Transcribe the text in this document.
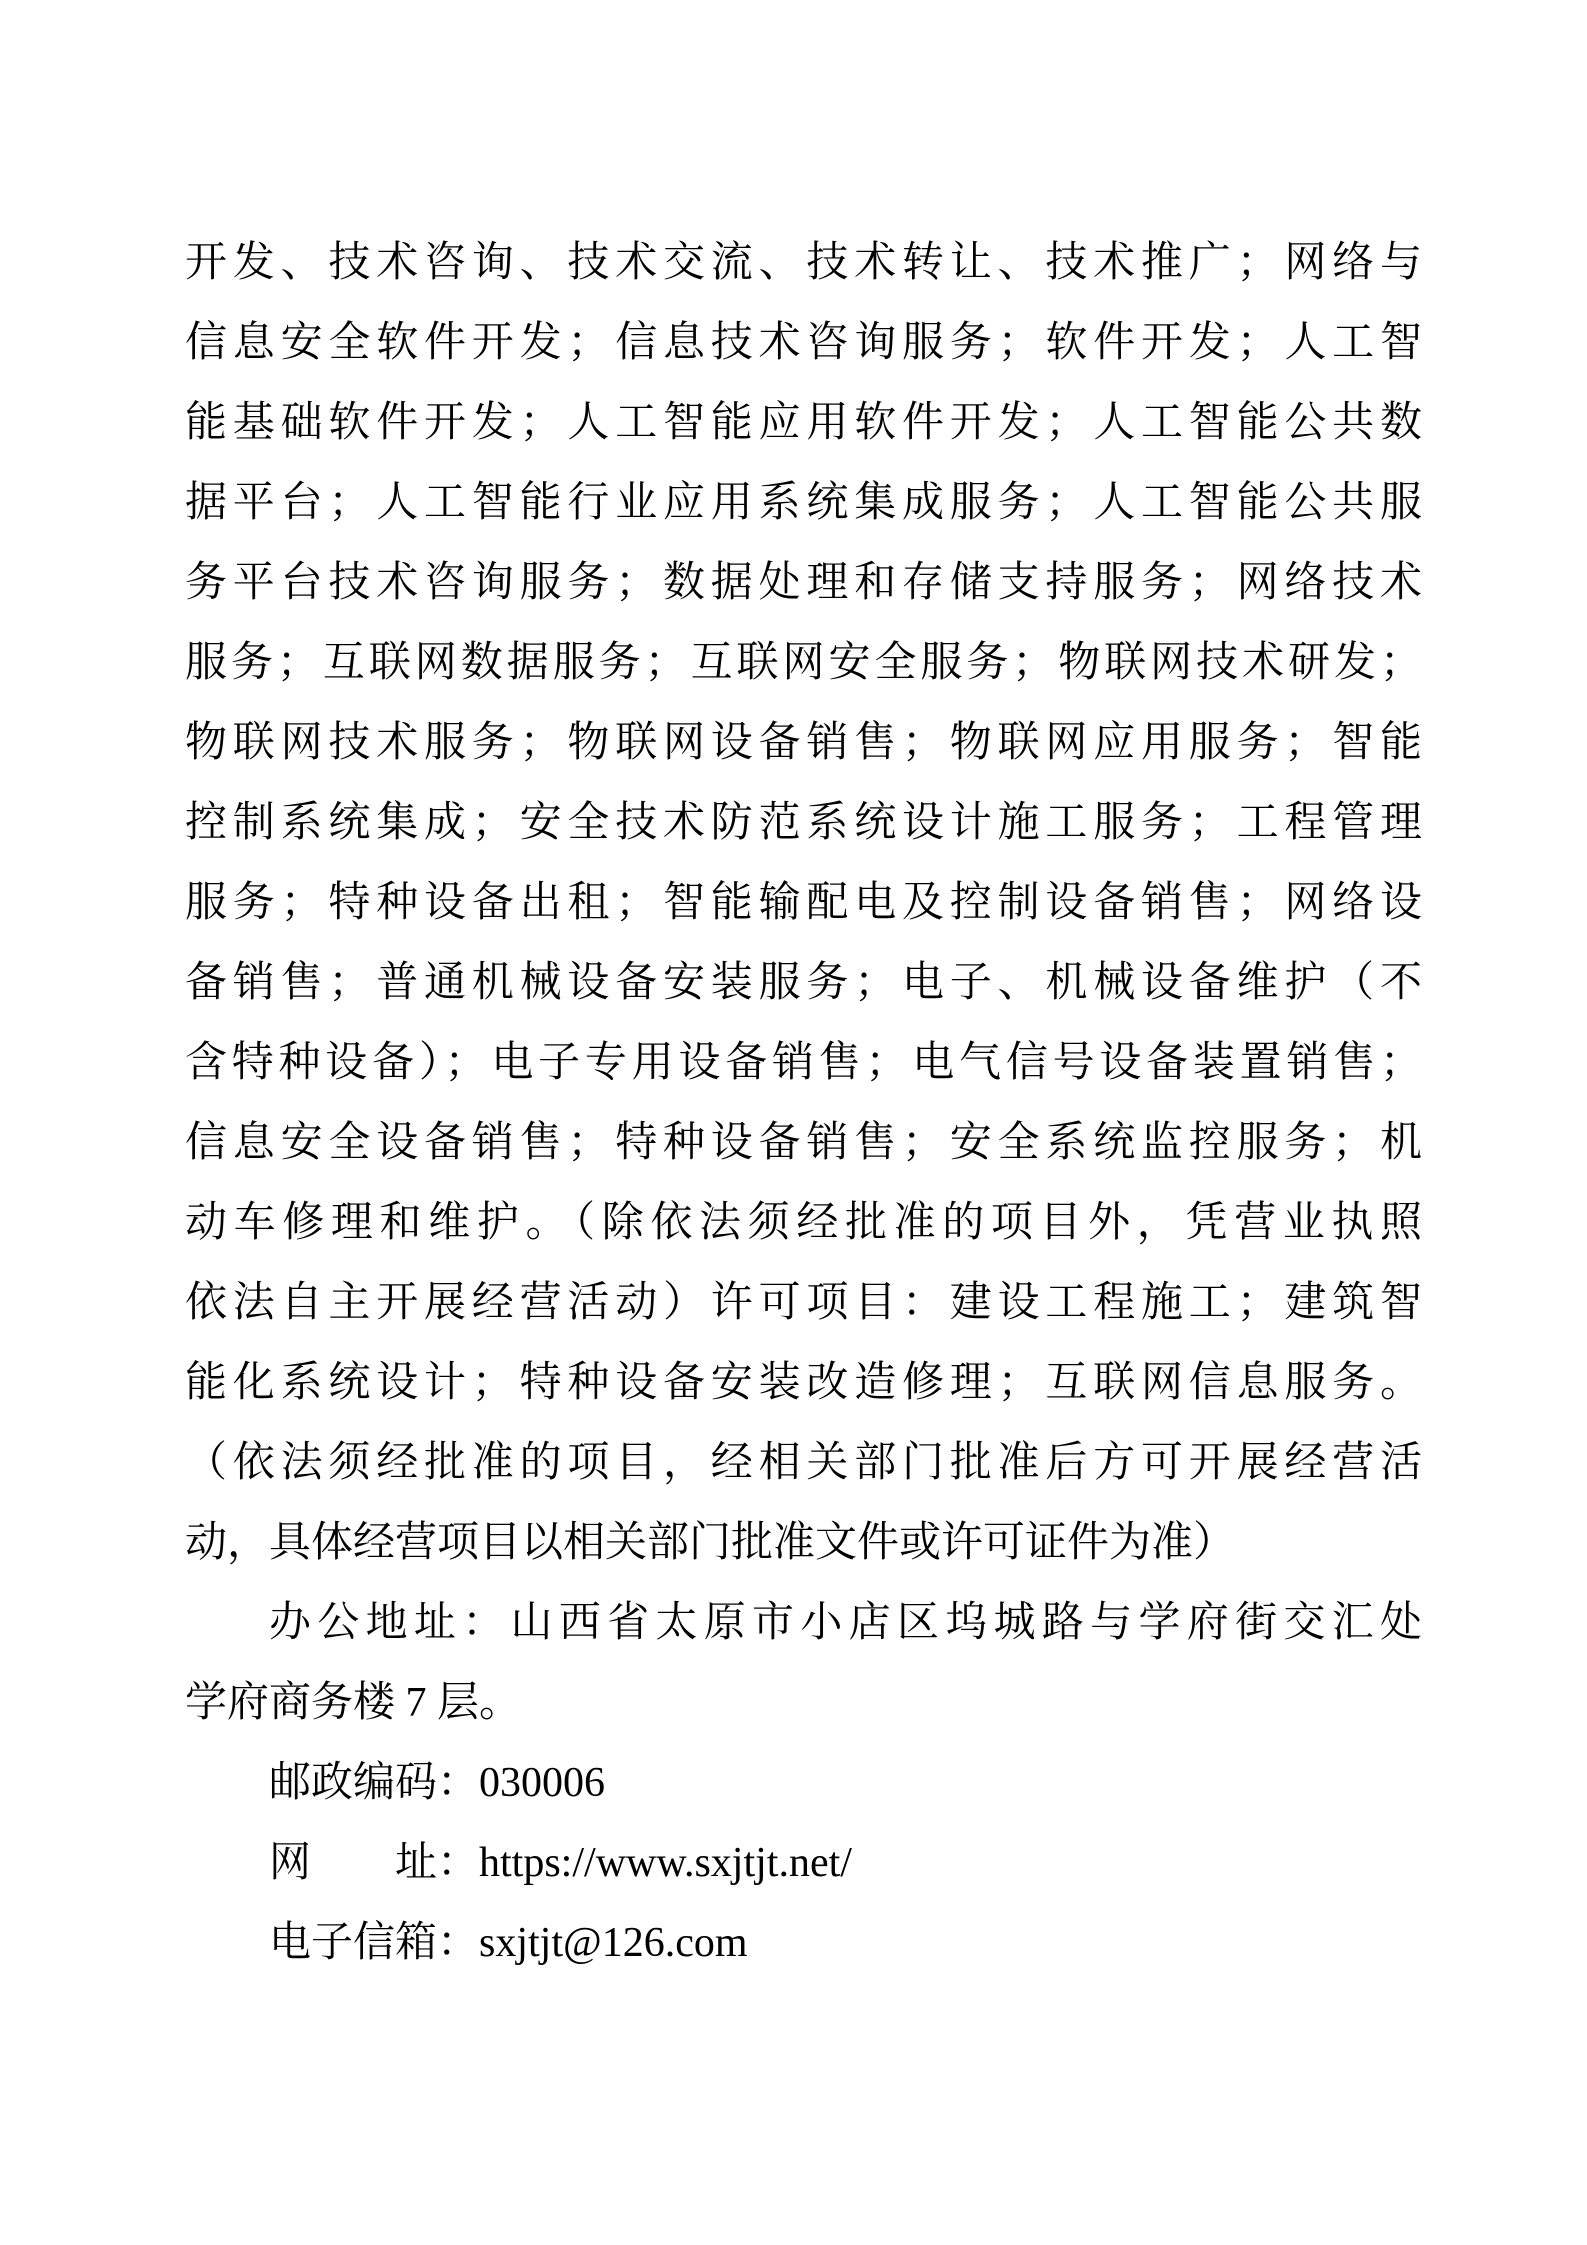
开发、技术咨询、技术交流、技术转让、技术推广；网络与
信息安全软件开发；信息技术咨询服务；软件开发；人工智
能基础软件开发；人工智能应用软件开发；人工智能公共数
据平台；人工智能行业应用系统集成服务；人工智能公共服
务平台技术咨询服务；数据处理和存储支持服务；网络技术
服务；互联网数据服务；互联网安全服务；物联网技术研发；
物联网技术服务；物联网设备销售；物联网应用服务；智能
控制系统集成；安全技术防范系统设计施工服务；工程管理
服务；特种设备出租；智能输配电及控制设备销售；网络设
备销售；普通机械设备安装服务；电子、机械设备维护（不
含特种设备）；电子专用设备销售；电气信号设备装置销售；
信息安全设备销售；特种设备销售；安全系统监控服务；机
动车修理和维护。（除依法须经批准的项目外，凭营业执照
依法自主开展经营活动）许可项目：建设工程施工；建筑智
能化系统设计；特种设备安装改造修理；互联网信息服务。
（依法须经批准的项目，经相关部门批准后方可开展经营活
动，具体经营项目以相关部门批准文件或许可证件为准）
办公地址：山西省太原市小店区坞城路与学府街交汇处
学府商务楼 7 层。
邮政编码：030006
网　　址：https://www.sxjtjt.net/
电子信箱：sxjtjt@126.com
